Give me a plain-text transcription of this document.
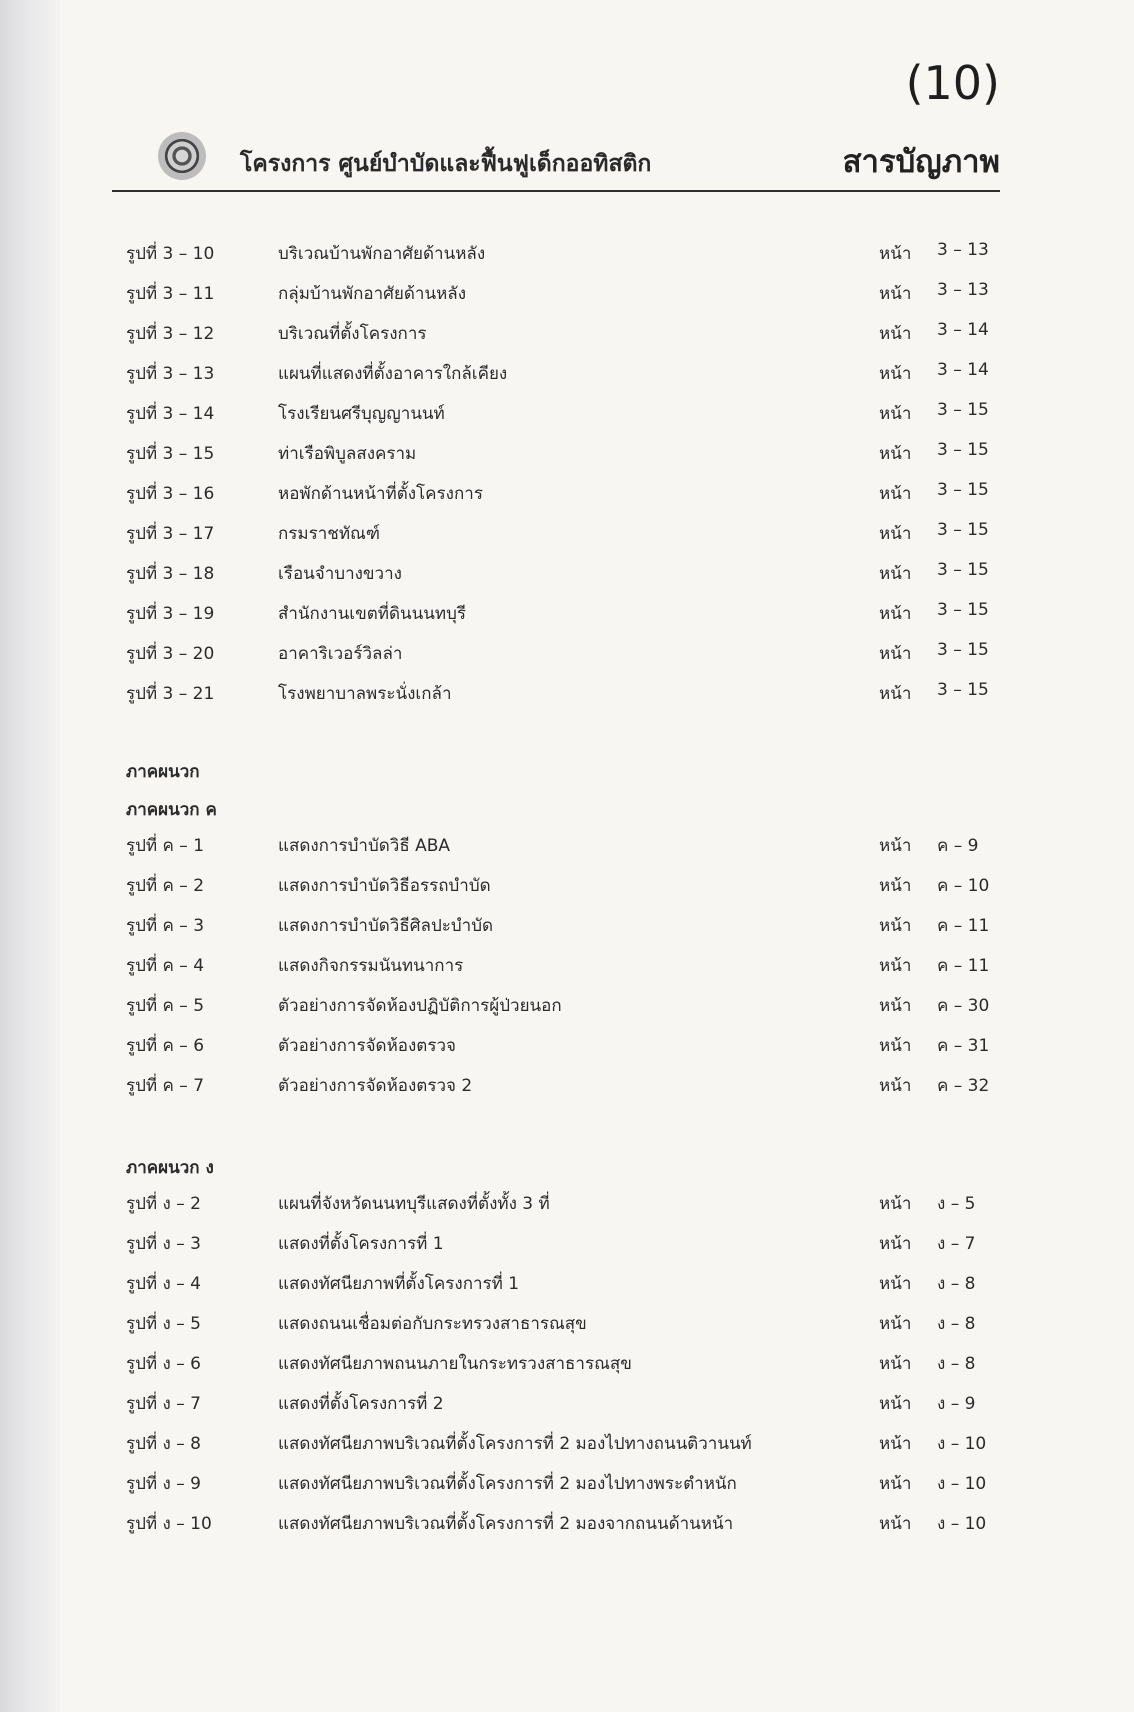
(10)
โครงการ ศูนย์บำบัดและฟื้นฟูเด็กออทิสติก	สารบัญภาพ
ภาคผนวก
ภาคผนวก ค
ภาคผนวก ง
รูปที่ 3 – 10	บริเวณบ้านพักอาศัยด้านหลัง	หน้า 3 – 13
รูปที่ 3 – 11	กลุ่มบ้านพักอาศัยด้านหลัง	หน้า 3 – 13
รูปที่ 3 – 12	บริเวณที่ตั้งโครงการ	หน้า 3 – 14
รูปที่ 3 – 13	แผนที่แสดงที่ตั้งอาคารใกล้เคียง	หน้า 3 – 14
รูปที่ 3 – 14	โรงเรียนศรีบุญญานนท์	หน้า 3 – 15
รูปที่ 3 – 15	ท่าเรือพิบูลสงคราม	หน้า 3 – 15
รูปที่ 3 – 16	หอพักด้านหน้าที่ตั้งโครงการ	หน้า 3 – 15
รูปที่ 3 – 17	กรมราชทัณฑ์	หน้า 3 – 15
รูปที่ 3 – 18	เรือนจำบางขวาง	หน้า 3 – 15
รูปที่ 3 – 19	สำนักงานเขตที่ดินนนทบุรี	หน้า 3 – 15
รูปที่ 3 – 20	อาคาริเวอร์วิลล่า	หน้า 3 – 15
รูปที่ 3 – 21	โรงพยาบาลพระนั่งเกล้า	หน้า 3 – 15
รูปที่ ค – 1	แสดงการบำบัดวิธี ABA	หน้า ค – 9
รูปที่ ค – 2	แสดงการบำบัดวิธีอรรถบำบัด	หน้า ค – 10
รูปที่ ค – 3	แสดงการบำบัดวิธีศิลปะบำบัด	หน้า ค – 11
รูปที่ ค – 4	แสดงกิจกรรมนันทนาการ	หน้า ค – 11
รูปที่ ค – 5	ตัวอย่างการจัดห้องปฏิบัติการผู้ป่วยนอก	หน้า ค – 30
รูปที่ ค – 6	ตัวอย่างการจัดห้องตรวจ	หน้า ค – 31
รูปที่ ค – 7	ตัวอย่างการจัดห้องตรวจ 2	หน้า ค – 32
รูปที่ ง – 2	แผนที่จังหวัดนนทบุรีแสดงที่ตั้งทั้ง 3 ที่	หน้า ง – 5
รูปที่ ง – 3	แสดงที่ตั้งโครงการที่ 1	หน้า ง – 7
รูปที่ ง – 4	แสดงทัศนียภาพที่ตั้งโครงการที่ 1	หน้า ง – 8
รูปที่ ง – 5	แสดงถนนเชื่อมต่อกับกระทรวงสาธารณสุข	หน้า ง – 8
รูปที่ ง – 6	แสดงทัศนียภาพถนนภายในกระทรวงสาธารณสุข	หน้า ง – 8
รูปที่ ง – 7	แสดงที่ตั้งโครงการที่ 2	หน้า ง – 9
รูปที่ ง – 8	แสดงทัศนียภาพบริเวณที่ตั้งโครงการที่ 2 มองไปทางถนนติวานนท์	หน้า ง – 10
รูปที่ ง – 9	แสดงทัศนียภาพบริเวณที่ตั้งโครงการที่ 2 มองไปทางพระตำหนัก	หน้า ง – 10
รูปที่ ง – 10	แสดงทัศนียภาพบริเวณที่ตั้งโครงการที่ 2 มองจากถนนด้านหน้า	หน้า ง – 10
